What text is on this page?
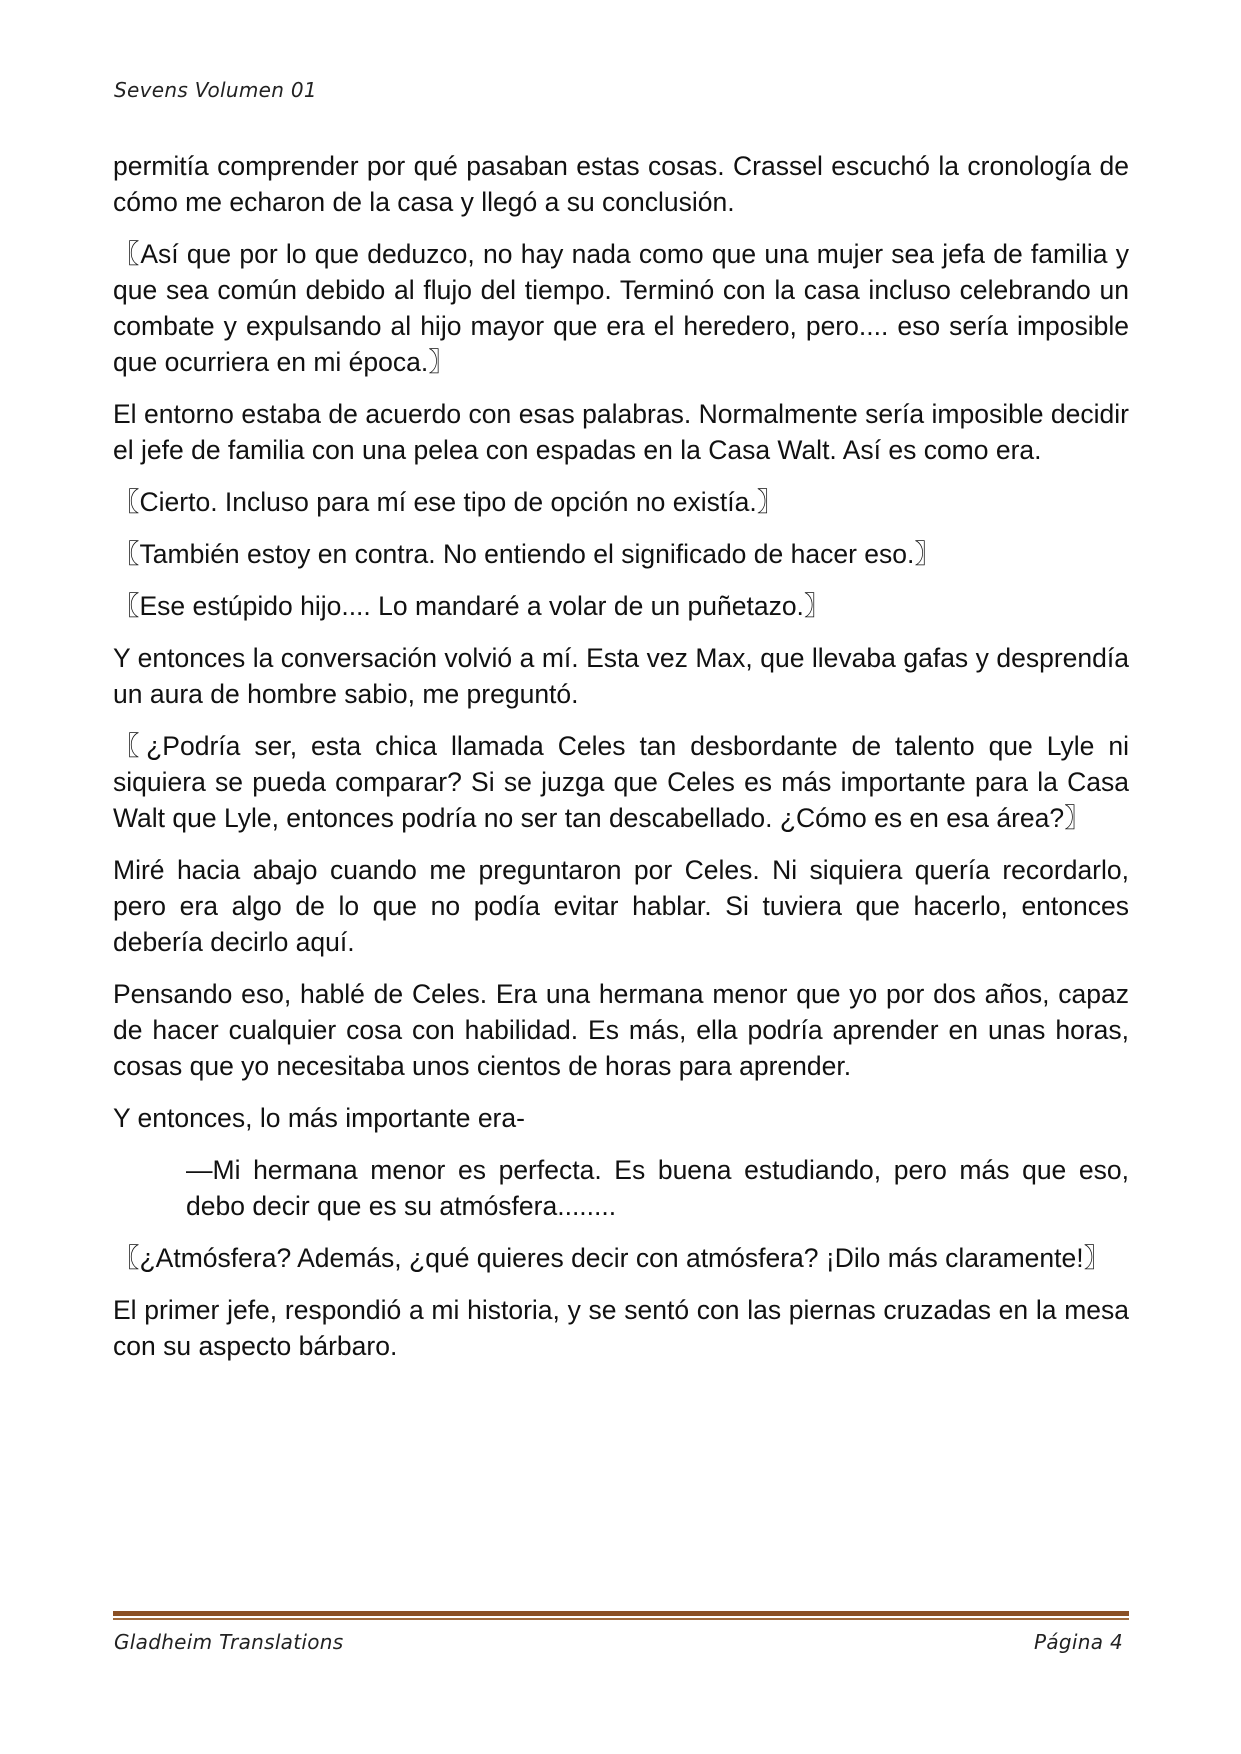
Sevens Volumen 01

permitía comprender por qué pasaban estas cosas. Crassel escuchó la cronología de cómo me echaron de la casa y llegó a su conclusión.

〖Así que por lo que deduzco, no hay nada como que una mujer sea jefa de familia y que sea común debido al flujo del tiempo. Terminó con la casa incluso celebrando un combate y expulsando al hijo mayor que era el heredero, pero.... eso sería imposible que ocurriera en mi época.〗

El entorno estaba de acuerdo con esas palabras. Normalmente sería imposible decidir el jefe de familia con una pelea con espadas en la Casa Walt. Así es como era.

〖Cierto. Incluso para mí ese tipo de opción no existía.〗

〖También estoy en contra. No entiendo el significado de hacer eso.〗

〖Ese estúpido hijo.... Lo mandaré a volar de un puñetazo.〗

Y entonces la conversación volvió a mí. Esta vez Max, que llevaba gafas y desprendía un aura de hombre sabio, me preguntó.

〖¿Podría ser, esta chica llamada Celes tan desbordante de talento que Lyle ni siquiera se pueda comparar? Si se juzga que Celes es más importante para la Casa Walt que Lyle, entonces podría no ser tan descabellado. ¿Cómo es en esa área?〗

Miré hacia abajo cuando me preguntaron por Celes. Ni siquiera quería recordarlo, pero era algo de lo que no podía evitar hablar. Si tuviera que hacerlo, entonces debería decirlo aquí.

Pensando eso, hablé de Celes. Era una hermana menor que yo por dos años, capaz de hacer cualquier cosa con habilidad. Es más, ella podría aprender en unas horas, cosas que yo necesitaba unos cientos de horas para aprender.

Y entonces, lo más importante era-

—Mi hermana menor es perfecta. Es buena estudiando, pero más que eso, debo decir que es su atmósfera........

〖¿Atmósfera? Además, ¿qué quieres decir con atmósfera? ¡Dilo más claramente!〗

El primer jefe, respondió a mi historia, y se sentó con las piernas cruzadas en la mesa con su aspecto bárbaro.

Gladheim Translations	Página 4
